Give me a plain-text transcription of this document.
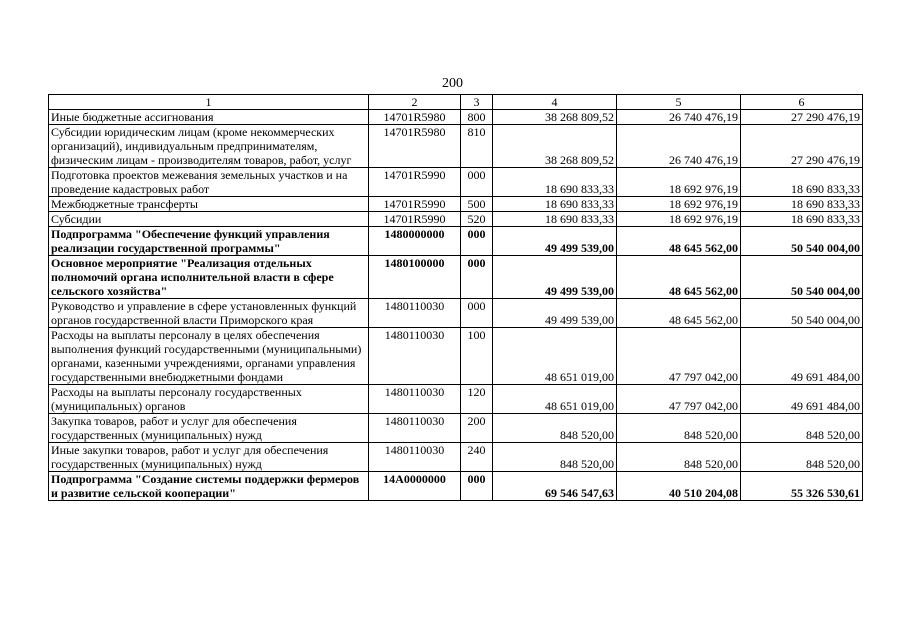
200
1	2	3	4	5	6
Иные бюджетные ассигнования	14701R5980	800	38 268 809,52	26 740 476,19	27 290 476,19
Субсидии юридическим лицам (кроме некоммерческих организаций), индивидуальным предпринимателям, физическим лицам - производителям товаров, работ, услуг	14701R5980	810	38 268 809,52	26 740 476,19	27 290 476,19
Подготовка проектов межевания земельных участков и на проведение кадастровых работ	14701R5990	000	18 690 833,33	18 692 976,19	18 690 833,33
Межбюджетные трансферты	14701R5990	500	18 690 833,33	18 692 976,19	18 690 833,33
Субсидии	14701R5990	520	18 690 833,33	18 692 976,19	18 690 833,33
Подпрограмма "Обеспечение функций управления реализации государственной программы"	1480000000	000	49 499 539,00	48 645 562,00	50 540 004,00
Основное мероприятие "Реализация отдельных полномочий органа исполнительной власти в сфере сельского хозяйства"	1480100000	000	49 499 539,00	48 645 562,00	50 540 004,00
Руководство и управление в сфере установленных функций органов государственной власти Приморского края	1480110030	000	49 499 539,00	48 645 562,00	50 540 004,00
Расходы на выплаты персоналу в целях обеспечения выполнения функций государственными (муниципальными) органами, казенными учреждениями, органами управления государственными внебюджетными фондами	1480110030	100	48 651 019,00	47 797 042,00	49 691 484,00
Расходы на выплаты персоналу государственных (муниципальных) органов	1480110030	120	48 651 019,00	47 797 042,00	49 691 484,00
Закупка товаров, работ и услуг для обеспечения государственных (муниципальных) нужд	1480110030	200	848 520,00	848 520,00	848 520,00
Иные закупки товаров, работ и услуг для обеспечения государственных (муниципальных) нужд	1480110030	240	848 520,00	848 520,00	848 520,00
Подпрограмма "Создание системы поддержки фермеров и развитие сельской кооперации"	14А0000000	000	69 546 547,63	40 510 204,08	55 326 530,61
